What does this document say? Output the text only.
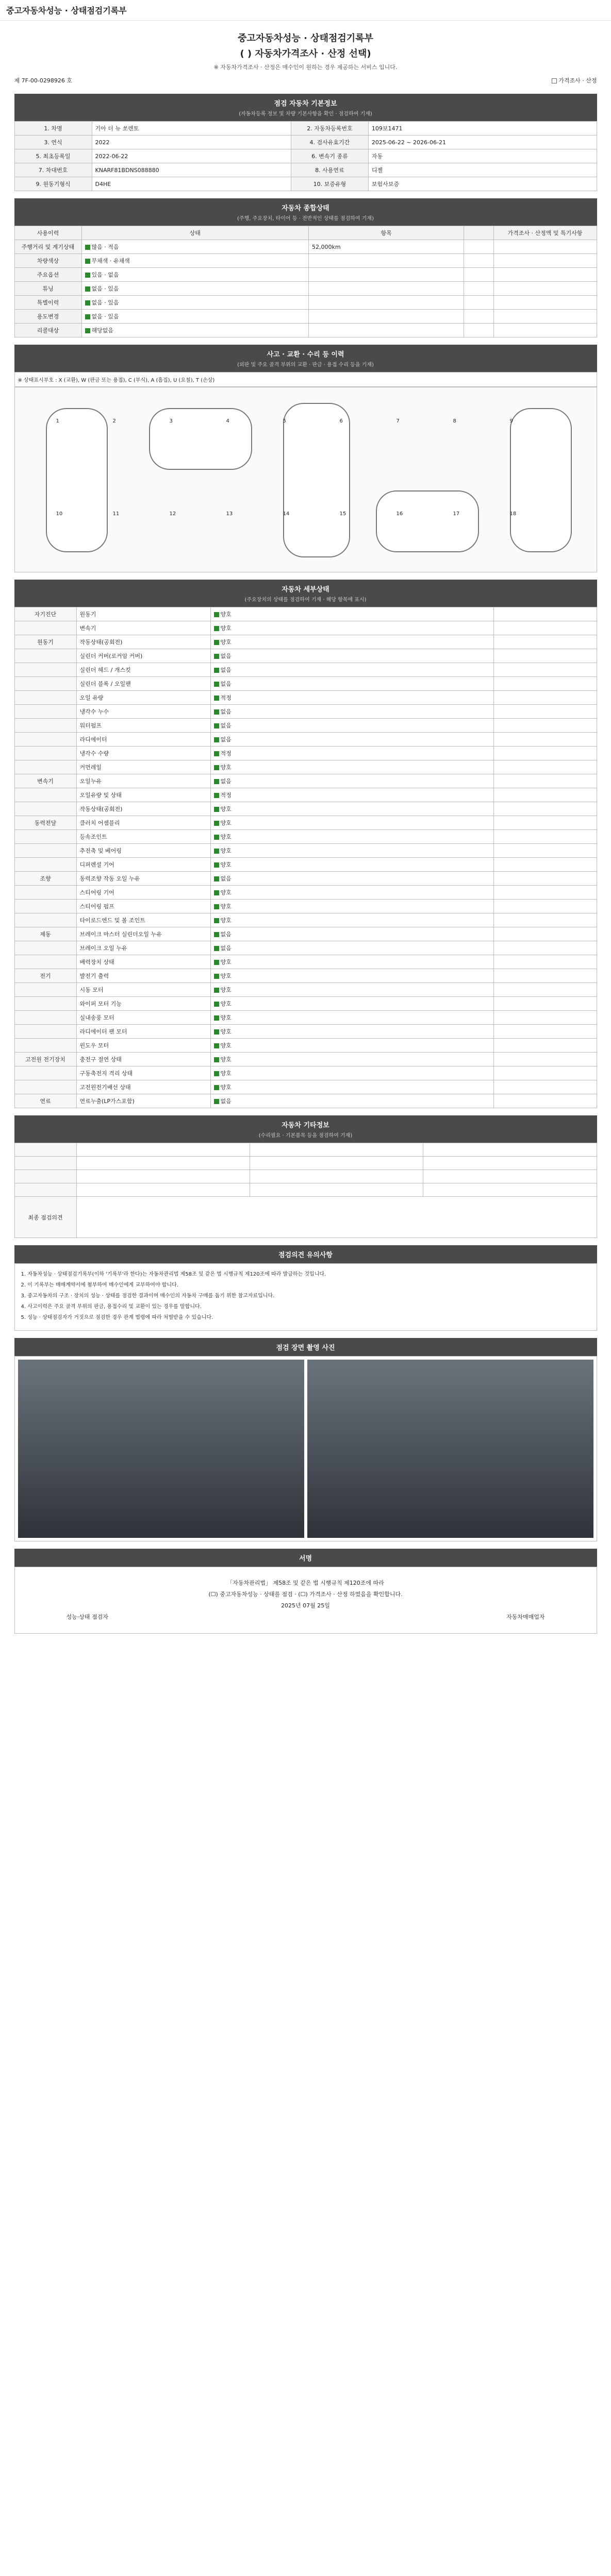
중고자동차성능 · 상태점검기록부
중고자동차성능 · 상태점검기록부
( ) 자동차가격조사 · 산정 선택)
※ 자동차가격조사 · 산정은 매수인이 원하는 경우 제공하는 서비스 입니다.
제 7F-00-0298926 호	가격조사 · 산정
점검 자동차 기본정보
(자동차등록 정보 및 차량 기본사항을 확인 · 점검하여 기재)
1. 차명	기아 더 뉴 쏘렌토	2. 자동차등록번호	109보1471
3. 연식	2022	4. 검사유효기간	2025-06-22 ~ 2026-06-21
5. 최초등록일	2022-06-22	6. 변속기 종류	자동
7. 차대번호	KNARF81BDNS088880	8. 사용연료	디젤
9. 원동기형식	D4HE	10. 보증유형	보험사보증
자동차 종합상태
(주행, 주요장치, 타이어 등 · 전반적인 상태를 점검하여 기재)
사용이력	상태	항목		가격조사 · 산정액 및 특기사항
주행거리 및 계기상태	많음 · 적음	52,000km		
차량색상	무채색 · 유채색			
주요옵션	있음 · 없음			
튜닝	없음 · 있음			
특별이력	없음 · 있음			
용도변경	없음 · 있음			
리콜대상	해당없음			
사고 · 교환 · 수리 등 이력
(외판 및 주요 골격 부위의 교환 · 판금 · 용접 수리 등을 기재)
※ 상태표시부호 : X (교환), W (판금 또는 용접), C (부식), A (흠집), U (요철), T (손상)
1	2	3	4	5	6	7	8	9
10	11	12	13	14	15	16	17	18
자동차 세부상태
(주요장치의 상태를 점검하여 기재 · 해당 항목에 표시)
자기진단	원동기	양호	
	변속기	양호	
원동기	작동상태(공회전)	양호	
	실린더 커버(로커암 커버)	없음	
	실린더 헤드 / 개스킷	없음	
	실린더 블록 / 오일팬	없음	
	오일 유량	적정	
	냉각수 누수	없음	
	워터펌프	없음	
	라디에이터	없음	
	냉각수 수량	적정	
	커먼레일	양호	
변속기	오일누유	없음	
	오일유량 및 상태	적정	
	작동상태(공회전)	양호	
동력전달	클러치 어셈블리	양호	
	등속조인트	양호	
	추진축 및 베어링	양호	
	디퍼렌셜 기어	양호	
조향	동력조향 작동 오일 누유	없음	
	스티어링 기어	양호	
	스티어링 펌프	양호	
	타이로드엔드 및 볼 조인트	양호	
제동	브레이크 마스터 실린더오일 누유	없음	
	브레이크 오일 누유	없음	
	배력장치 상태	양호	
전기	발전기 출력	양호	
	시동 모터	양호	
	와이퍼 모터 기능	양호	
	실내송풍 모터	양호	
	라디에이터 팬 모터	양호	
	윈도우 모터	양호	
고전원 전기장치	충전구 절연 상태	양호	
	구동축전지 격리 상태	양호	
	고전원전기배선 상태	양호	
연료	연료누출(LP가스포함)	없음	
자동차 기타정보
(수리필요 · 기본품목 등을 점검하여 기재)

최종 점검의견			
점검의견 유의사항

1. 자동차성능 · 상태점검기록부(이하 '기록부'라 한다)는 자동차관리법 제58조 및 같은 법 시행규칙 제120조에 따라 발급하는 것입니다.

2. 이 기록부는 매매계약서에 첨부하여 매수인에게 교부하여야 합니다.

3. 중고자동차의 구조 · 장치의 성능 · 상태를 점검한 결과이며 매수인의 자동차 구매를 돕기 위한 참고자료입니다.

4. 사고이력은 주요 골격 부위의 판금, 용접수리 및 교환이 있는 경우를 말합니다.

5. 성능 · 상태점검자가 거짓으로 점검한 경우 관계 법령에 따라 처벌받을 수 있습니다.

점검 장면 촬영 사진
서명
「자동차관리법」 제58조 및 같은 법 시행규칙 제120조에 따라
(☐) 중고자동차성능 · 상태를 점검 · (☐) 가격조사 · 산정 하였음을 확인합니다.
2025년 07월 25일
성능·상태 점검자	자동차매매업자
